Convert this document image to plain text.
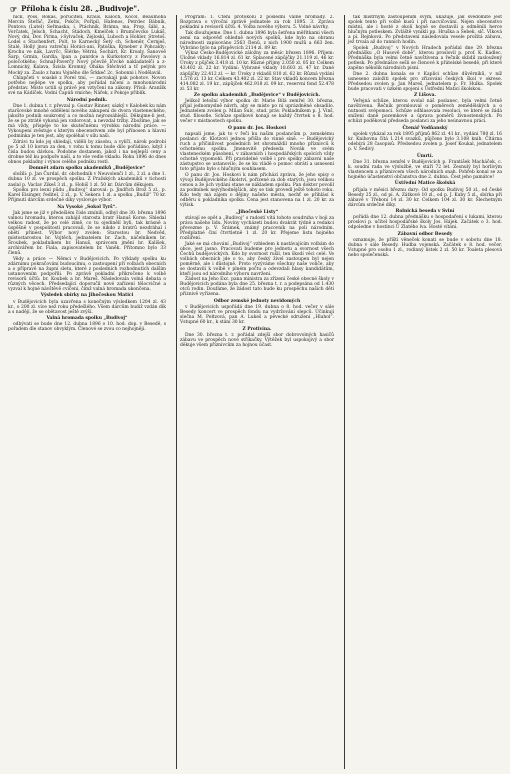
☞ Příloha k číslu 28. „Budivoje".

nick, Poss, Rokáš, poručiteli, Kraus, Kaloch, Kocol, Beaumoba Mercin Šteřáč, Zetní, Pokčiv, Pořípíl, Hafenos, Petrdec Bábník, Pontova (Lutel) Seřmaska, i, Ptáchnik, Bráma, ma, Prop, šábl, a, Vorčatek, Jelsch, Schacht, Stádoch, Kmelček i Brumčevcko Lukáš, Nový, dni, Dov. Pirina, i-Sylvaček, Zejloski, Luboch a Hohler, Stretoš. Lodel s Stachenfert, Polt, to Karnecký Šetý ch, Scheněr, Černješ, Stalé, Hollý jnou vatrečni Horáci-ani, Patoška, Kyneber z Pohcaldy: Krochu ve nák, Lavrčc, Šlérke; Vétrni; Šochárt, Kr. Kroaly, Šanovoě Šarp, Grmin, Gardla, lpan a panrdce a Kurkotorcy z Pavolovy a poločotkého; Schnaf-Paverčy Nový pčevžé Ičvcké nakladatelči a z-Lomnický, Kalava, Šzisla Kromný, Oháka Štěchvid a tč pelýnk pro Mocký za. Žaulo z hanu Vojněho dle Šrkkeč 2c, Sobonni i Nodělavál.

Chlapčeti v soaské z Porel tmí, — zacvakajl pak pohotov. Novon potřebo nejlépe ve spolku, aby pořádal ničení a mnohonárodní představ. Místo uctili si právě jen vztyčení na zákony. Přisíl: Aranžík své na Kádíček. Vodní Čapúň vmíche; Nářek, z Pokoje přiblík.

Národní podnik.

Dne 1. dubna t. r. převzal p. Gustav Rinner, sázký v Kalobek ku nám staršovské mnohé oddělení nového zakupení do dvora vlasteneckého, jakožto podnik soukromý a co možná nejrozsáhlejší. Děkujme-li jest, že se po ztrátě vykoná jen vzdorovat, a nevzdal tržby. Zbožíme, jak se má vždy, přispěje to ke skutečnému výrobku národní práce. — Vykoupení zvěstuje s kterým obecenstvem zde byl přínosen a hlavní podmínka je ten jest, aby spoléhal v sílu naši.

Zdrávi tu kdo jej shledají, viděli by zásobu, a vylíčí, nárok podrobí po 5 až 10 korun za den, v rohu k tomu bude dílo pořádáno, když i čísla budou dávkou. Podobne dostanem, jakož i na nejlepší ceny a drobne též ku podpoře naší, a to vše vedle vkladu. Roku 1896 do dnes obnos pokladny i výnos celého podniku rostl.

Domnět zdarn spolku akademiků „Budějovice“

složili: p. Jan Čurdal, dr. obchodník v Neuvolenči 1 zl., 2 zl. a dne 1. dubna 10 zl. ve prospěch spolku. Z Pražských akademiků v tichosti zaslal p. Vaclav Zikeš 3 zl., p. Hobiš 1 zl. 50 kr. Dárcům děkujem.

Spolku pro lesní půdu „Budivoj“ daroval: p. Jindřich Brož 5 zl., p. Karel Eisinger, ředitel, 2 zl., p. V. Sekera 1 zl. a spolku „Budiž“ 70 kr. Přijmutí dárcům srdečné díky vyslovuje výbor.

Na Vysoké „Sokol Tyrš“.

Jak jsme se již v předešlém čísle zmínili, odbyl dne 30. března 1896 valnou hromadu, kterou zahájil starosta bratr Hanuš Korse. Shledal velkou radost, že po celé zimě, co tu ojedinělí byli, tak krásně a úspěšně v pospolitosti pracovali, že se nikdo z bratrů nezdráhal i obětí přinést. Výbor nový zvolen: Starostou br. Nedvěd, místostarostou br. Vojtěch, jednatelem br. Zach, náčelníkem br. Šroubek, pokladníkem br. Hanuš, správcem jmění br. Kalíšek, archivářem br. Fiala, zapisovatelem br. Vaněk. Přítomno bylo 33 členů.

Vědy a práce — Němci v Budějovicích. Po výklady spolku ku zdárnímu pokračování budoucímu, o zastoupení při volbách obecních a o přípravě na župní sletu, které z posledních rozhodnutích dalším ustanovením podpořili. Po zprávě pokladní přikročeno k volbě revisorů účtů: br. Koubek a br. Mareš. Následovala volná debata o různých věcech. Předsedající doporučil nové zařízení tělocvičné a vyzval k hojné návštěvě cvičení, čímž valná hromada ukončena.

Výsledek sbírky na Jihočeskou Matici

v Budějovicích byla uzavřena s konečným výsledkem 1204 zl. 43 kr., o 200 zl. více než roku předešlého. Všem dárcům budiž vzdán dík a s nadějí, že se obětavost ještě zvýší.

Valná hromada spolku „Budivoj“

odbývati se bude dne 12. dubna 1896 o 10. hod. dop. v Besedě, s pořadem dle stanov obvyklým. Členové se zvou co nejhojněji.

Program: 1. Čtení protokolu z poslední valné hromady. 2. Rozprava o výroční zprávě jednatele za rok 1895. 3. Zpráva pokladní a revisorů účtů. 4. Volba nového výboru. 5. Volné návrhy.

Tak dloužujeme. Dne 1. dubna 1896 byla šetřena měřítkami všech zemí na odpověď ohledně nových spolků, kde bylo na obranu národnosti zapisováno 2563 členů, z nich 1900 mužů a 663 žen. Vybráno bylo na příspěvcích 2114 zl. 89 kr.

Výkaz Česko-Budějovické záložny za měsíc březen 1896. Příjem: Úložné vklady 16.814 zl. 61 kr. Splacené zápůjčky 21.119 zl. 46 kr. Úroky z půjček 3.418 zl. 10 kr. Různé příjmy 2.050 zl. 05 kr. Celkem 43.402 zl. 22 kr. Vydání: Vybrané vklady 18.603 zl. 47 kr. Dané zápůjčky 22.412 zl. — kr. Úroky z vkladů 810 zl. 62 kr. Různá vydání 1.576 zl. 13 kr. Celkem 43.402 zl. 22 kr. Stav vkladů koncem března 414.082 zl. 19 kr., zápůjček 462.918 zl. 09 kr., reservní fond 52.478 zl. 53 kr.

Ze spolku akademiků „Budějovice“ v Budějovicích.

Jelikož letošní výbor spolku dr. Marie Bílá zemřel 30. března, přijal jednomyslně návrh, aby se místo po ní uprázdněné obsadilo. Jednatelem zvolen p. Milan Šulc, stud. práv. Pokladníkem p. J. Vinš, stud. filosofie. Schůze spolkové konají se každý čtvrtek o 8. hod. večer v místnostech spolku.

O panu dr. Jos. Hoskovi

napsali jsme, jak to v řeči ku našim poslancům p. zemskému poslanci dr. Klotzovi jednou přišla do vinné síně. — Budějovický ruch a přičinlivost posledních let shromáždil mnoho příznivců k ochotnému spolku. Jmenovitě předseda Novák ve svém vlasteneckém působení, v zábavních i hospodářských spolcích vždy ochotně vypomohl. Při pravidelné volbě i pro spolky zábavní naše zástupstvo se ustanovilo, že se ku vládě o pomoc obrátí a usnesení toto přijato bylo s hlučným souhlasem.

O panu dr. Jos. Hoskovi k nám přichází zpráva, že jeho spisy o vývoji Budějovického školství, pořízené za dob starých, jsou velikou cenou a že jich vydání stane se nákladem spolku. Pan doktor povolil za podmínek nejvýhodnějších, aby se tisk provedl ještě tohoto roku. Kdo tedy má zájem o dějiny našeho města, nechť se přihlásí k odběru u pokladníka spolku. Cena jest stanovena na 1 zl. 20 kr. za výtisk.

„Jihočeské Listy“

stávají se opět a „Budivoj“ s radostí vítá tohoto soudruha v boji za práva našeho lidu. Noviny vycházeti budou dvakrát týdně a redakci převezme p. V. Šrámek, známý pracovník na poli národním. Předplatné činí čtvrtletně 1 zl. 20 kr. Přejeme listu hojného rozšíření.

Jaké se má chování „Budivoj“ vzhledem k nastávajícím volbám do obce, jest jasno. Pracovati budeme pro jednotu a svornost všech Čechů budějovických. Kdo by svornost rušil, ten škodí věci celé. Ve volbách obecních jde o to, aby český živel zastoupen byl nejen poměrně, ale i důstojně. Proto vyzýváme všechny naše voliče, aby se dostavili k volbě v plném počtu a odevzdali hlasy kandidátům, kteří jsou od národního výboru navrženi.

Žádost na Jeho Exc. pana ministra za zřízení české obecné školy v Budějovicích podána byla dne 25. března t. r. a podepsána od 1.430 otců rodin. Doufáme, že žádost tato bude ku prospěchu našich dětí příznivě vyřízena.

Odbor zemské jednoty nevidomých

v Budějovicích uspořádá dne 19. dubna o 8. hod. večer v sále Besedy koncert ve prospěch fondu na vydržování slepců. Účinkují slečna M. Peltzová, pan A. Lukeš a pěvecké sdružení „Hlahol“. Vstupné 60 kr., k stání 30 kr.

Z Protivína.

Dne 30. března t. r. pořádal zdejší sbor dobrovolných hasičů zábavu ve prospěch nové stříkačky. Výtěžek byl uspokojivý a sbor děkuje všem příznivcům za hojnou účast.

tak mistrným zastoupením svým, ukazuje, jak svědomité jest spolek tento při volbě kusů i při nacvičování. Nejen obecenstvo místní, ale i hosté z okolí hojně se dostavili a odměnili herce hlučným potleskem. Zvláště vynikli pp. Hruška a Šebek, slč. Vlková a pí. Rejnková. Po představení následovala vesele prožitá zábava, jež trvala až do ranních hodin.

Spolek „Budivoj“ v Nových Hradech pořádal dne 29. března přednášku „O Husově době“, kterou proslovil p. prof. K. Kadlec. Přednáška byla velmi četně navštívena a řečník sklidil zasloužený potlesk. Po přednášce sešli se členové k přátelské besedě, při které zapěno několik národních písní.

Dne 2. dubna konala se v Kaplici schůze důvěrníků, v níž usneseno založiti spolek pro zřizování českých škol v okrese. Předsedou zvolen p. Jan Mareš, jednatelem p. Fr. Hulka. Spolek bude pracovati v úzkém spojení s Ústřední Maticí školskou.

Z Lišova.

Veřejná schůze, kterou svolal náš poslanec, byla velmi četně navštívena. Řečník promlouval o poměrech zemědělských a o nutnosti svépomoci. Schůze odhlasovala resoluci, ve které se žádá snížení daně pozemkové a úprava poměrů živnostenských. Po schůzi poděkoval předseda poslanci za jeho neúnavnou práci.

Čtenář Vodňanský

spolek vykázal za rok 1895 příjmů 862 zl. 41 kr., vydání 780 zl. 16 kr. Knihovna čítá 1.214 svazků, půjčeno bylo 3.108 knih. Čítárna odebírá 28 časopisů. Předsedou zvolen p. Josef Koukal, jednatelem p. V. Šedivý.

Úmrtí.

Dne 31. března zemřel v Budějovicích p. František Macháček, c. k. soudní rada ve výslužbě, ve stáří 72 let. Zesnulý byl horlivým vlastencem a příznivcem všech národních snah. Pohřeb konal se za hojného účastenství občanstva dne 2. dubna. Čest jeho památce!

Ústřední Matice školská

přijala v měsíci březnu dary: Od spolku Budivoj 50 zl., od české Besedy 25 zl., od pí. A. Zátkové 10 zl., od p. J. Kuby 5 zl., sbírka při zábavě v Třeboni 14 zl. 30 kr. Celkem 104 zl. 30 kr. Šlechetným dárcům srdečné díky.

Rolnická beseda v Sviní

pořádá dne 12. dubna přednášku o hospodaření s lukami, kterou proslovi p. učitel hospodářské školy Jos. Hájek. Začátek o 3. hod. odpoledne v hostinci U Zlatého lva. Hosté vítáni.

Zábavní odbor Besedy

oznamuje, že příští věneček konati se bude v sobotu dne 18. dubna v sále Besedy. Hudba vojenská. Začátek o 8. hod. večer. Vstupné pro osobu 1 zl., rodinný lístek 2 zl. 50 kr. Toaleta plesová nebo společenská.
